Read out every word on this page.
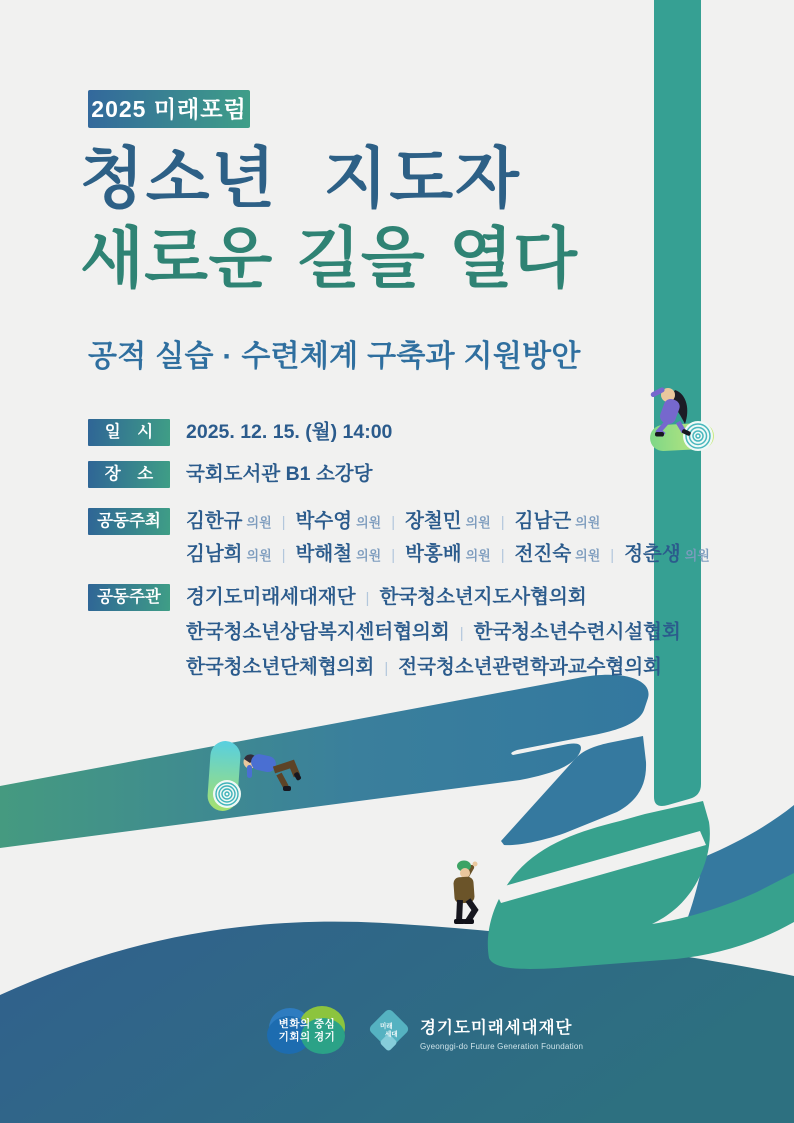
2025 미래포럼
청소년 지도자
새로운 길을 열다
공적 실습 · 수련체계 구축과 지원방안
일　시	2025. 12. 15. (월) 14:00
장　소	국회도서관 B1 소강당
공동주최	김한규 의원 | 박수영 의원 | 장철민 의원 | 김남근 의원
김남희 의원 | 박해철 의원 | 박홍배 의원 | 전진숙 의원 | 정춘생 의원
공동주관	경기도미래세대재단 | 한국청소년지도사협의회
한국청소년상담복지센터협의회 | 한국청소년수련시설협회
한국청소년단체협의회 | 전국청소년관련학과교수협의회
변화의 중심
기회의 경기
미래
세대 경기도미래세대재단
Gyeonggi-do Future Generation Foundation
